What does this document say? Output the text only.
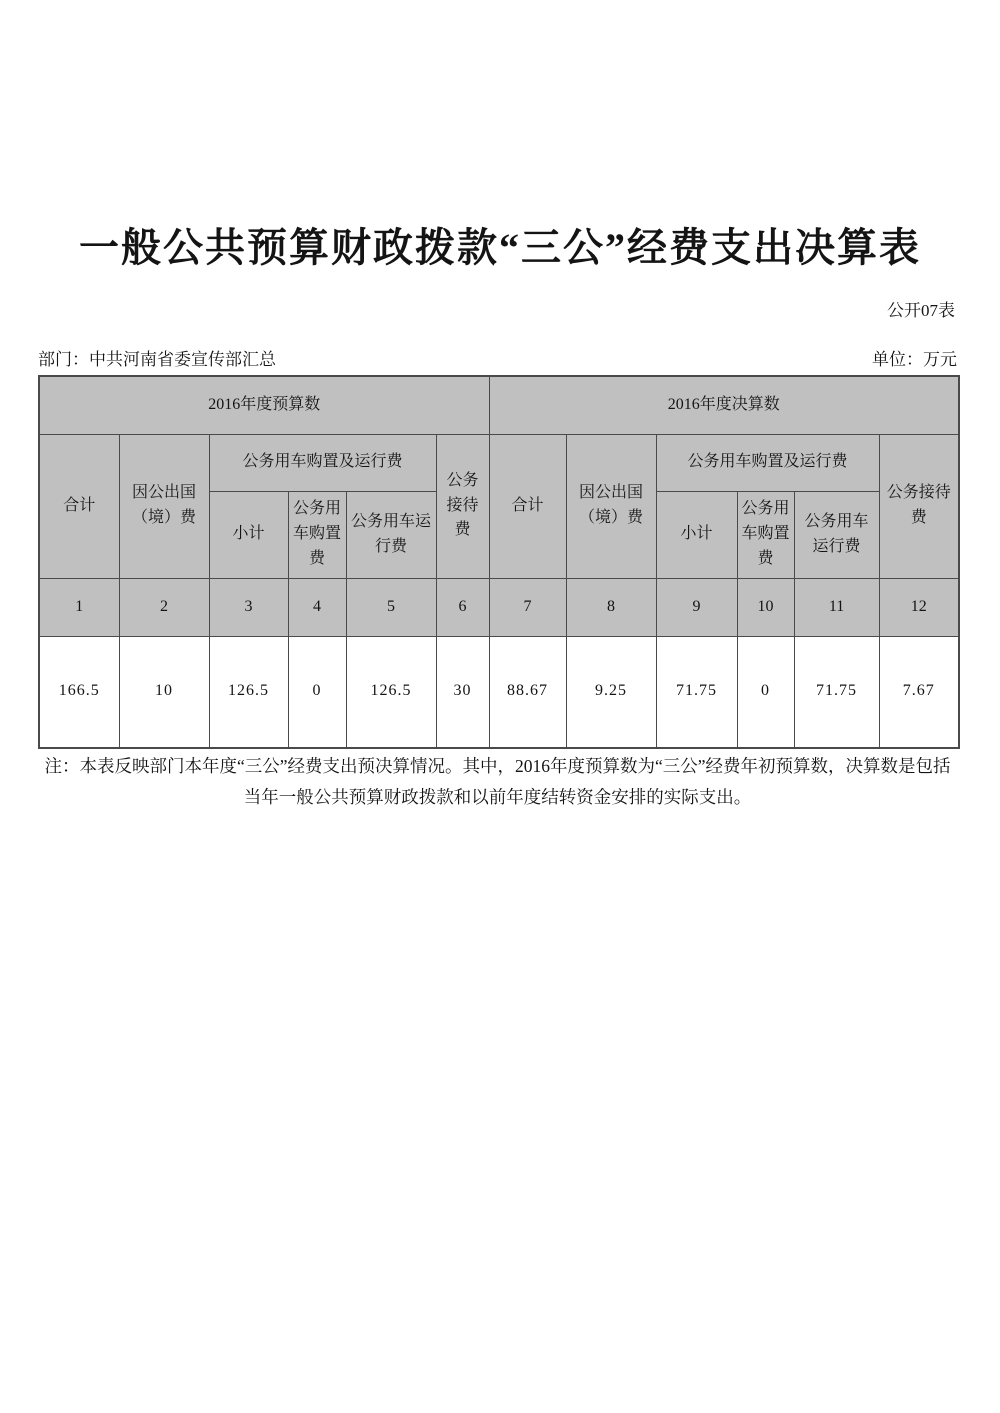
一般公共预算财政拨款“三公”经费支出决算表
公开07表
部门：中共河南省委宣传部汇总	单位：万元
2016年度预算数						2016年度决算数					
合计	因公出国（境）费	公务用车购置及运行费			公务接待费	合计	因公出国（境）费	公务用车购置及运行费			公务接待费
		小计	公务用车购置费	公务用车运行费				小计	公务用车购置费	公务用车运行费	
1	2	3	4	5	6	7	8	9	10	11	12
166.5	10	126.5	0	126.5	30	88.67	9.25	71.75	0	71.75	7.67
注：本表反映部门本年度“三公”经费支出预决算情况。其中，2016年度预算数为“三公”经费年初预算数，决算数是包括当年一般公共预算财政拨款和以前年度结转资金安排的实际支出。
